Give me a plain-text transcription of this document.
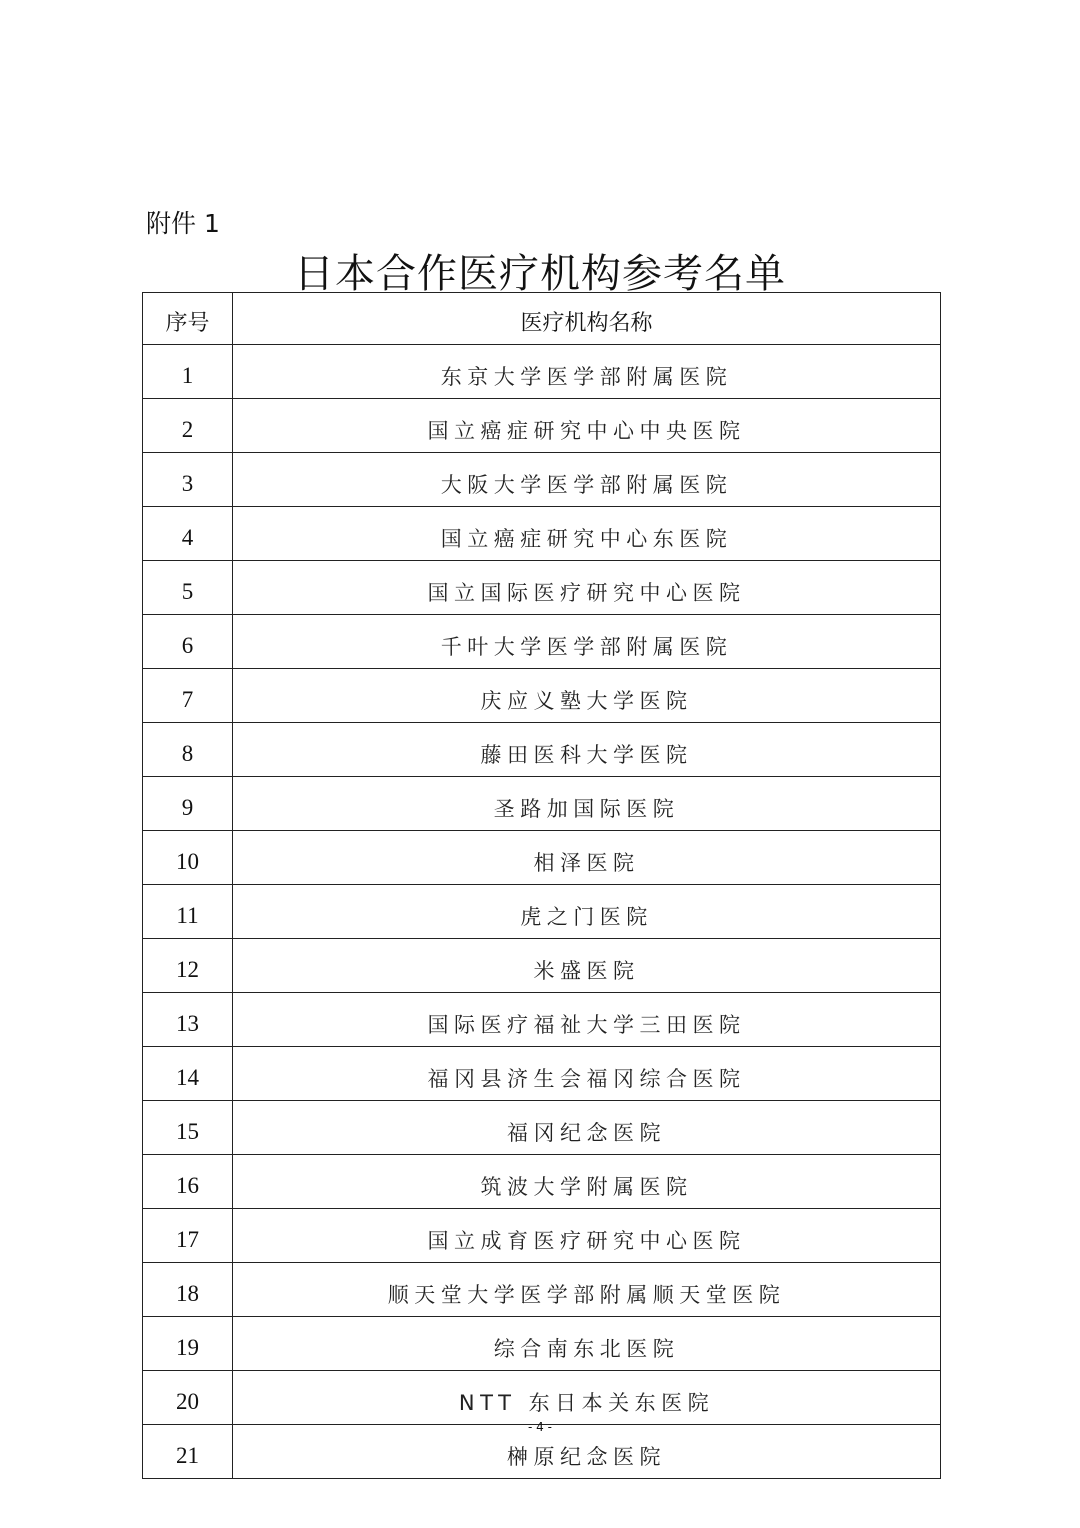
附件 1
日本合作医疗机构参考名单
序号	医疗机构名称
1	东京大学医学部附属医院
2	国立癌症研究中心中央医院
3	大阪大学医学部附属医院
4	国立癌症研究中心东医院
5	国立国际医疗研究中心医院
6	千叶大学医学部附属医院
7	庆应义塾大学医院
8	藤田医科大学医院
9	圣路加国际医院
10	相泽医院
11	虎之门医院
12	米盛医院
13	国际医疗福祉大学三田医院
14	福冈县济生会福冈综合医院
15	福冈纪念医院
16	筑波大学附属医院
17	国立成育医疗研究中心医院
18	顺天堂大学医学部附属顺天堂医院
19	综合南东北医院
20	NTT 东日本关东医院
21	榊原纪念医院
- 4 -
